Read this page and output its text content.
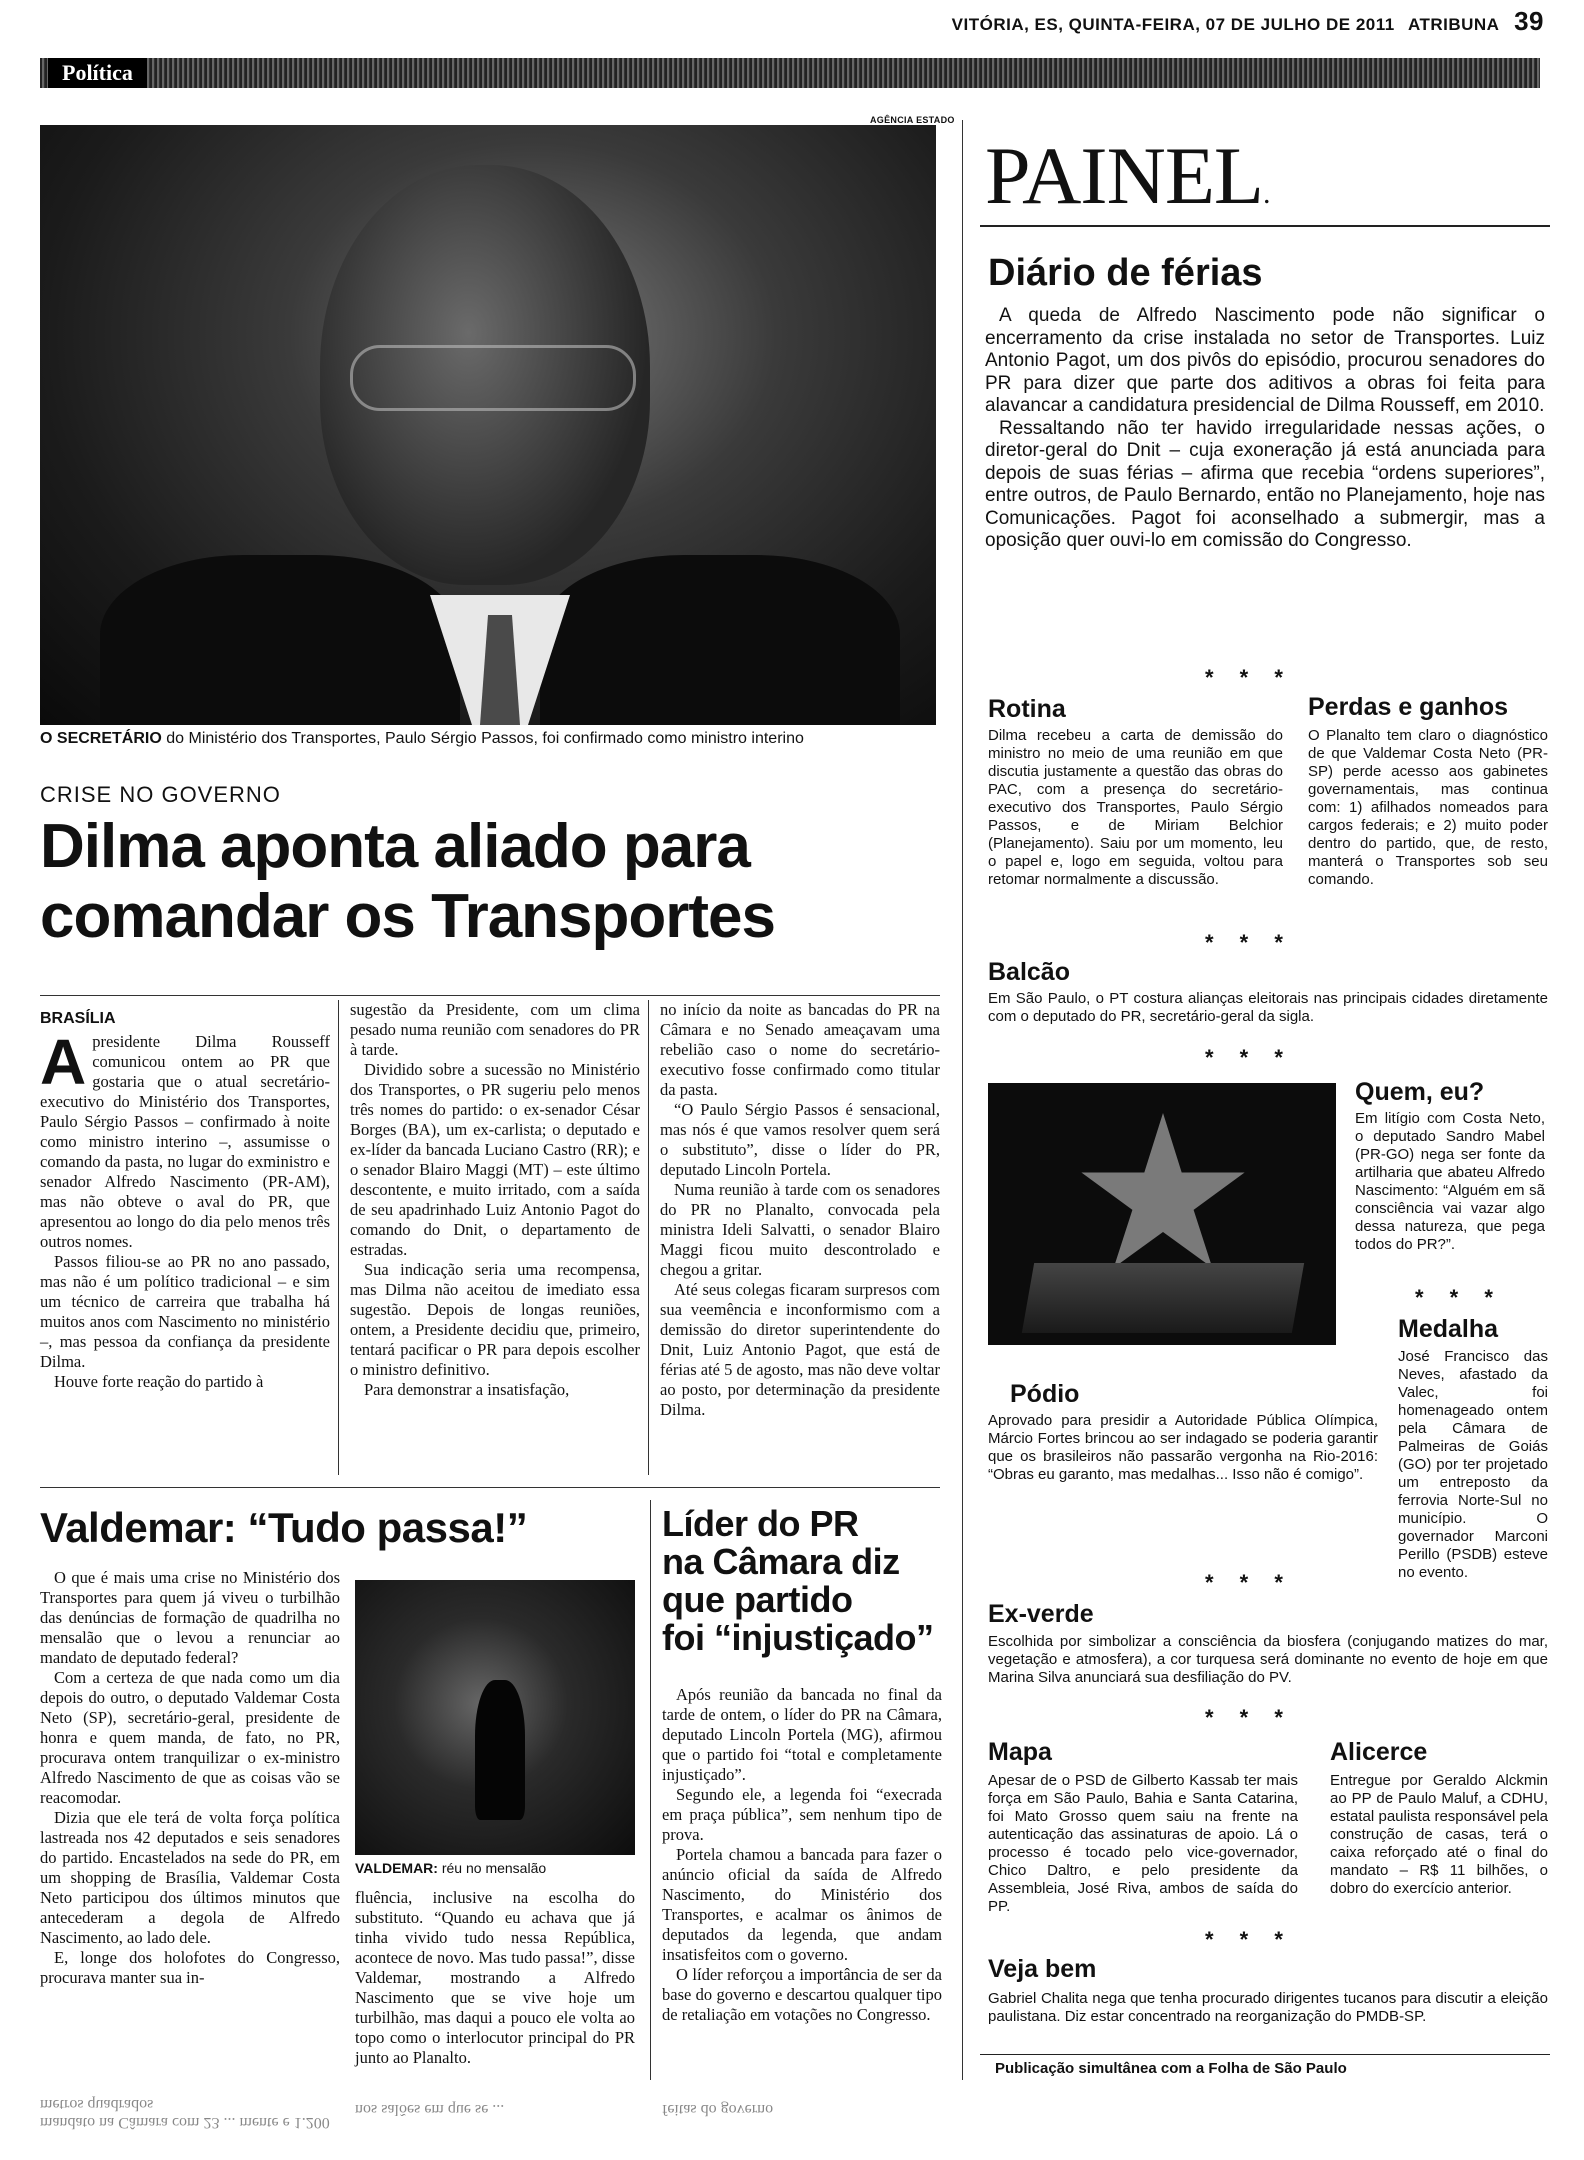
VITÓRIA, ES, QUINTA-FEIRA, 07 DE JULHO DE 2011 ATRIBUNA 39
Política
AGÊNCIA ESTADO
O SECRETÁRIO do Ministério dos Transportes, Paulo Sérgio Passos, foi confirmado como ministro interino
CRISE NO GOVERNO
Dilma aponta aliado para
comandar os Transportes
BRASÍLIA

Apresidente Dilma Rousseff comunicou ontem ao PR que gostaria que o atual secretário-executivo do Ministério dos Transportes, Paulo Sérgio Passos – confirmado à noite como ministro interino –, assumisse o comando da pasta, no lugar do exministro e senador Alfredo Nascimento (PR-AM), mas não obteve o aval do PR, que apresentou ao longo do dia pelo menos três outros nomes.

Passos filiou-se ao PR no ano passado, mas não é um político tradicional – e sim um técnico de carreira que trabalha há muitos anos com Nascimento no ministério –, mas pessoa da confiança da presidente Dilma.

Houve forte reação do partido à

sugestão da Presidente, com um clima pesado numa reunião com senadores do PR à tarde.

Dividido sobre a sucessão no Ministério dos Transportes, o PR sugeriu pelo menos três nomes do partido: o ex-senador César Borges (BA), um ex-carlista; o deputado e ex-líder da bancada Luciano Castro (RR); e o senador Blairo Maggi (MT) – este último descontente, e muito irritado, com a saída de seu apadrinhado Luiz Antonio Pagot do comando do Dnit, o departamento de estradas.

Sua indicação seria uma recompensa, mas Dilma não aceitou de imediato essa sugestão. Depois de longas reuniões, ontem, a Presidente decidiu que, primeiro, tentará pacificar o PR para depois escolher o ministro definitivo.

Para demonstrar a insatisfação,

no início da noite as bancadas do PR na Câmara e no Senado ameaçavam uma rebelião caso o nome do secretário-executivo fosse confirmado como titular da pasta.

“O Paulo Sérgio Passos é sensacional, mas nós é que vamos resolver quem será o substituto”, disse o líder do PR, deputado Lincoln Portela.

Numa reunião à tarde com os senadores do PR no Planalto, convocada pela ministra Ideli Salvatti, o senador Blairo Maggi ficou muito descontrolado e chegou a gritar.

Até seus colegas ficaram surpresos com sua veemência e inconformismo com a demissão do diretor superintendente do Dnit, Luiz Antonio Pagot, que está de férias até 5 de agosto, mas não deve voltar ao posto, por determinação da presidente Dilma.

Valdemar: “Tudo passa!”

O que é mais uma crise no Ministério dos Transportes para quem já viveu o turbilhão das denúncias de formação de quadrilha no mensalão que o levou a renunciar ao mandato de deputado federal?

Com a certeza de que nada como um dia depois do outro, o deputado Valdemar Costa Neto (SP), secretário-geral, presidente de honra e quem manda, de fato, no PR, procurava ontem tranquilizar o ex-ministro Alfredo Nascimento de que as coisas vão se reacomodar.

Dizia que ele terá de volta força política lastreada nos 42 deputados e seis senadores do partido. Encastelados na sede do PR, em um shopping de Brasília, Valdemar Costa Neto participou dos últimos minutos que antecederam a degola de Alfredo Nascimento, ao lado dele.

E, longe dos holofotes do Congresso, procurava manter sua in-

VALDEMAR: réu no mensalão

fluência, inclusive na escolha do substituto. “Quando eu achava que já tinha vivido tudo nessa República, acontece de novo. Mas tudo passa!”, disse Valdemar, mostrando a Alfredo Nascimento que se vive hoje um turbilhão, mas daqui a pouco ele volta ao topo como o interlocutor principal do PR junto ao Planalto.

Líder do PR
na Câmara diz
que partido
foi “injustiçado”

Após reunião da bancada no final da tarde de ontem, o líder do PR na Câmara, deputado Lincoln Portela (MG), afirmou que o partido foi “total e completamente injustiçado”.

Segundo ele, a legenda foi “execrada em praça pública”, sem nenhum tipo de prova.

Portela chamou a bancada para fazer o anúncio oficial da saída de Alfredo Nascimento, do Ministério dos Transportes, e acalmar os ânimos de deputados da legenda, que andam insatisfeitos com o governo.

O líder reforçou a importância de ser da base do governo e descartou qualquer tipo de retaliação em votações no Congresso.

mandato na Câmara com 23 ... mente e 1.200 metros quadrados	nos salões em que se ...	feitas do governo
PAINEL.
Diário de férias

A queda de Alfredo Nascimento pode não significar o encerramento da crise instalada no setor de Transportes. Luiz Antonio Pagot, um dos pivôs do episódio, procurou senadores do PR para dizer que parte dos aditivos a obras foi feita para alavancar a candidatura presidencial de Dilma Rousseff, em 2010.

Ressaltando não ter havido irregularidade nessas ações, o diretor-geral do Dnit – cuja exoneração já está anunciada para depois de suas férias – afirma que recebia “ordens superiores”, entre outros, de Paulo Bernardo, então no Planejamento, hoje nas Comunicações. Pagot foi aconselhado a submergir, mas a oposição quer ouvi-lo em comissão do Congresso.

* * *
Rotina
Dilma recebeu a carta de demissão do ministro no meio de uma reunião em que discutia justamente a questão das obras do PAC, com a presença do secretário-executivo dos Transportes, Paulo Sérgio Passos, e de Miriam Belchior (Planejamento). Saiu por um momento, leu o papel e, logo em seguida, voltou para retomar normalmente a discussão.
Perdas e ganhos
O Planalto tem claro o diagnóstico de que Valdemar Costa Neto (PR-SP) perde acesso aos gabinetes governamentais, mas continua com: 1) afilhados nomeados para cargos federais; e 2) muito poder dentro do partido, que, de resto, manterá o Transportes sob seu comando.
* * *
Balcão
Em São Paulo, o PT costura alianças eleitorais nas principais cidades diretamente com o deputado do PR, secretário-geral da sigla.
* * *
Quem, eu?
Em litígio com Costa Neto, o deputado Sandro Mabel (PR-GO) nega ser fonte da artilharia que abateu Alfredo Nascimento: “Alguém em sã consciência vai vazar algo dessa natureza, que pega todos do PR?”.
* * *
Medalha
José Francisco das Neves, afastado da Valec, foi homenageado ontem pela Câmara de Palmeiras de Goiás (GO) por ter projetado um entreposto da ferrovia Norte-Sul no município. O governador Marconi Perillo (PSDB) esteve no evento.
Pódio
Aprovado para presidir a Autoridade Pública Olímpica, Márcio Fortes brincou ao ser indagado se poderia garantir que os brasileiros não passarão vergonha na Rio-2016: “Obras eu garanto, mas medalhas... Isso não é comigo”.
* * *
Ex-verde
Escolhida por simbolizar a consciência da biosfera (conjugando matizes do mar, vegetação e atmosfera), a cor turquesa será dominante no evento de hoje em que Marina Silva anunciará sua desfiliação do PV.
* * *
Mapa
Apesar de o PSD de Gilberto Kassab ter mais força em São Paulo, Bahia e Santa Catarina, foi Mato Grosso quem saiu na frente na autenticação das assinaturas de apoio. Lá o processo é tocado pelo vice-governador, Chico Daltro, e pelo presidente da Assembleia, José Riva, ambos de saída do PP.
Alicerce
Entregue por Geraldo Alckmin ao PP de Paulo Maluf, a CDHU, estatal paulista responsável pela construção de casas, terá o caixa reforçado até o final do mandato – R$ 11 bilhões, o dobro do exercício anterior.
* * *
Veja bem
Gabriel Chalita nega que tenha procurado dirigentes tucanos para discutir a eleição paulistana. Diz estar concentrado na reorganização do PMDB-SP.
Publicação simultânea com a Folha de São Paulo
